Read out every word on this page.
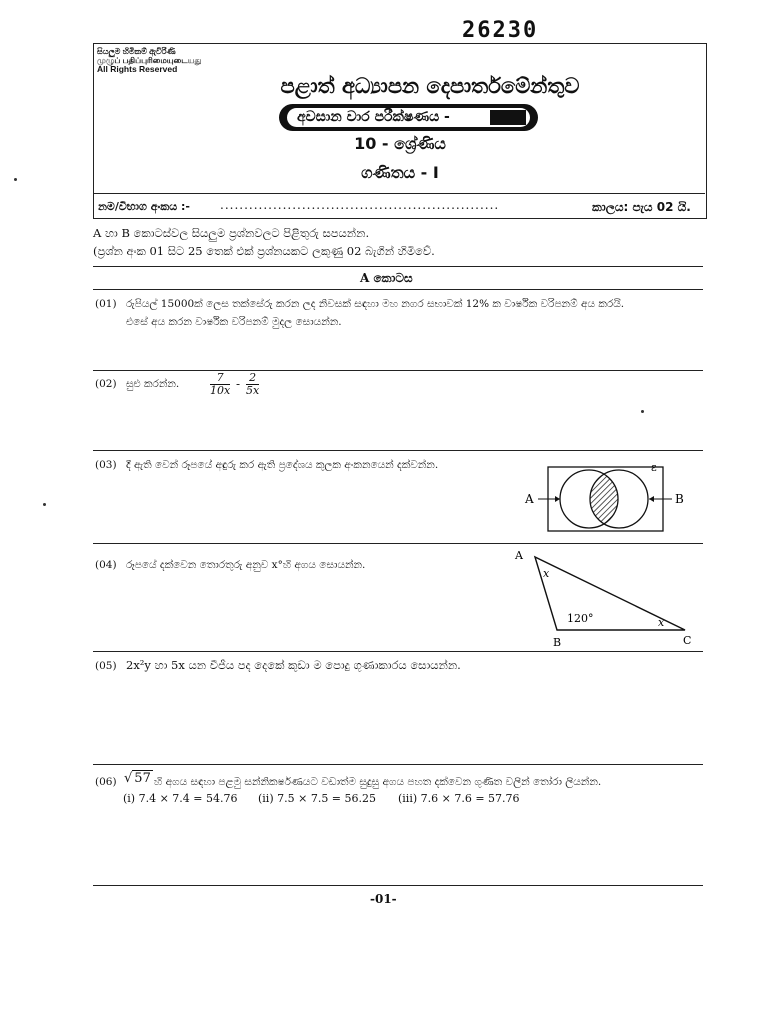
26230
සියලුම හිමිකම් ඇවිරිණි
முழுப் பதிப்புரிமையுடையது
All Rights Reserved
පළාත් අධ්‍යාපන දෙපාර්තමේන්තුව
අවසාන වාර පරීක්ෂණය -
10 - ශ්‍රේණිය
ගණිතය - I
නම/විභාග අංකය :-	..........................................................	කාලය: පැය 02 යි.
A හා B කොටස්වල සියලුම ප්‍රශ්නවලට පිළිතුරු සපයන්න.
(ප්‍රශ්න අංක 01 සිට 25 තෙක් එක් ප්‍රශ්නයකට ලකුණු 02 බැගින් හිමිවේ.
A කොටස
(01) රුපියල් 15000ක් ලෙස තක්සේරු කරන ලද නිවසක් සඳහා මහ නගර සභාවක් 12% ක වාර්ෂික වරිපනම් අය කරයි.
එසේ අය කරන වාර්ෂික වරිපනම් මුදල සොයන්න.
(02) සුළු කරන්න.	$\frac{7}{10x} - \frac{2}{5x}$
(03) දී ඇති වෙන් රූපයේ අඳුරු කර ඇති ප්‍රදේශය කුලක අංකනයෙන් දක්වන්න.
A	B
ε
(04) රූපයේ දක්වෙන තොරතුරු අනුව x°හි අගය සොයන්න.
A
B	C
x
x
120°
(05) 2x²y හා 5x යන වීජීය පද දෙකේ කුඩා ම පොදු ගුණාකාරය සොයන්න.
(06) √ 57 හි අගය සඳහා පළමු සන්නිකර්ෂණයට වඩාත්ම සුදුසු අගය පහත දක්වෙන ගුණිත වලින් තෝරා ලියන්න.
(i) 7.4 × 7.4 = 54.76 (ii) 7.5 × 7.5 = 56.25 (iii) 7.6 × 7.6 = 57.76
-01-
